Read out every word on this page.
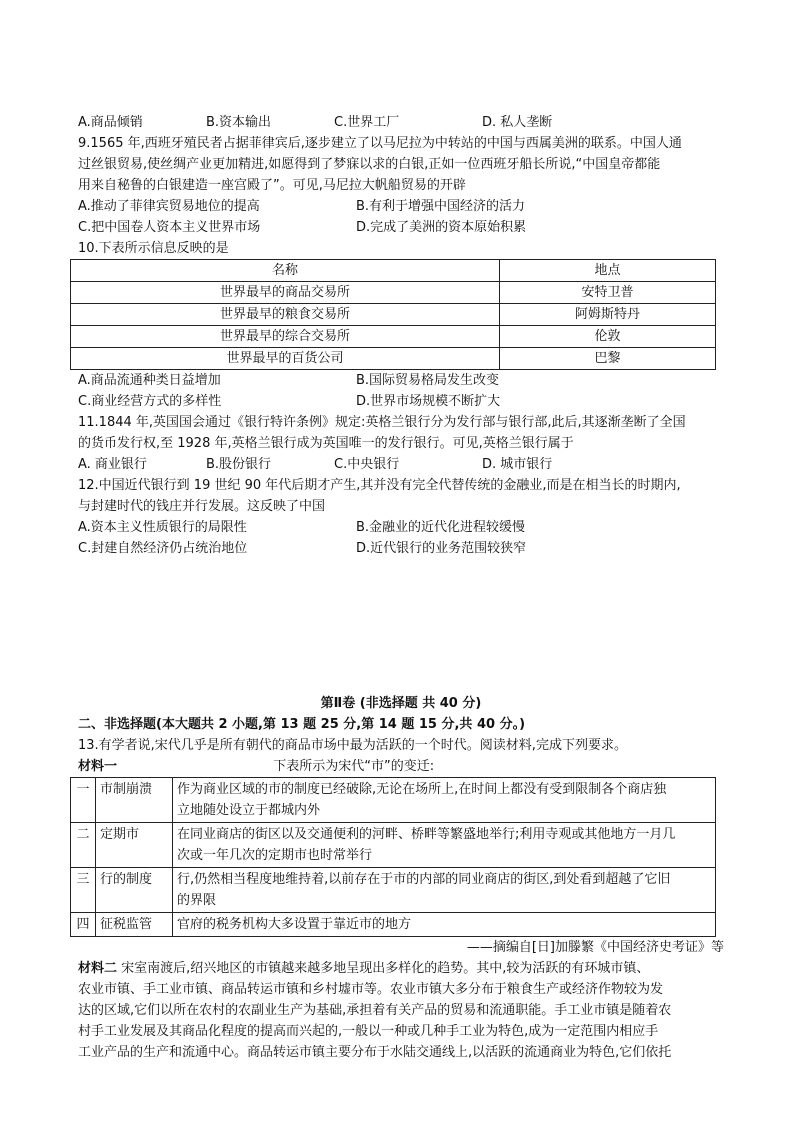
A.商品倾销	B.资本输出	C.世界工厂	D. 私人垄断
9.1565 年,西班牙殖民者占据菲律宾后,逐步建立了以马尼拉为中转站的中国与西属美洲的联系。中国人通
过丝银贸易,使丝绸产业更加精进,如愿得到了梦寐以求的白银,正如一位西班牙船长所说,“中国皇帝都能
用来自秘鲁的白银建造一座宫殿了”。可见,马尼拉大帆船贸易的开辟
A.推动了菲律宾贸易地位的提高	B.有利于增强中国经济的活力
C.把中国卷人资本主义世界市场	D.完成了美洲的资本原始积累
10.下表所示信息反映的是
名称	地点
世界最早的商品交易所	安特卫普
世界最早的粮食交易所	阿姆斯特丹
世界最早的综合交易所	伦敦
世界最早的百货公司	巴黎
A.商品流通种类日益增加	B.国际贸易格局发生改变
C.商业经营方式的多样性	D.世界市场规模不断扩大
11.1844 年,英国国会通过《银行特许条例》规定:英格兰银行分为发行部与银行部,此后,其逐渐垄断了全国
的货币发行权,至 1928 年,英格兰银行成为英国唯一的发行银行。可见,英格兰银行属于
A. 商业银行	B.股份银行	C.中央银行	D. 城市银行
12.中国近代银行到 19 世纪 90 年代后期才产生,其并没有完全代替传统的金融业,而是在相当长的时期内,
与封建时代的钱庄并行发展。这反映了中国
A.资本主义性质银行的局限性	B.金融业的近代化进程较缓慢
C.封建自然经济仍占统治地位	D.近代银行的业务范围较狭窄
第Ⅱ卷 (非选择题 共 40 分)
二、非选择题(本大题共 2 小题,第 13 题 25 分,第 14 题 15 分,共 40 分。)
13.有学者说,宋代几乎是所有朝代的商品市场中最为活跃的一个时代。阅读材料,完成下列要求。
材料一	下表所示为宋代“市”的变迁:
一	市制崩溃	作为商业区域的市的制度已经破除,无论在场所上,在时间上都没有受到限制各个商店独
立地随处设立于都城内外

二	定期市	在同业商店的街区以及交通便利的河畔、桥畔等繁盛地举行;利用寺观或其他地方一月几
次或一年几次的定期市也时常举行

三	行的制度	行,仍然相当程度地维持着,以前存在于市的内部的同业商店的街区,到处看到超越了它旧
的界限

四	征税监管	官府的税务机构大多设置于靠近市的地方
——摘编自[日]加滕繁《中国经济史考证》等
材料二 宋室南渡后,绍兴地区的市镇越来越多地呈现出多样化的趋势。其中,较为活跃的有环城市镇、
农业市镇、手工业市镇、商品转运市镇和乡村墟市等。农业市镇大多分布于粮食生产或经济作物较为发
达的区域,它们以所在农村的农副业生产为基础,承担着有关产品的贸易和流通职能。手工业市镇是随着农
村手工业发展及其商品化程度的提高而兴起的,一般以一种或几种手工业为特色,成为一定范围内相应手
工业产品的生产和流通中心。商品转运市镇主要分布于水陆交通线上,以活跃的流通商业为特色,它们依托
